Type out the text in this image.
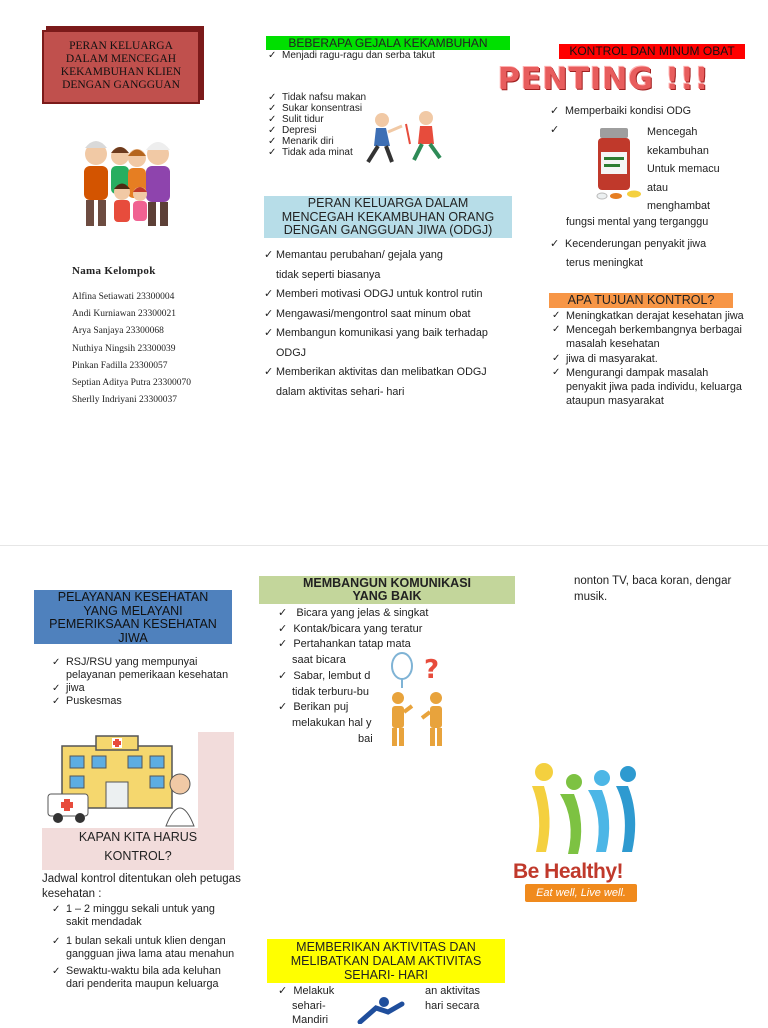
PERAN KELUARGA
DALAM MENCEGAH
KEKAMBUHAN KLIEN
DENGAN GANGGUAN
Nama Kelompok
Alfina Setiawati 23300004
Andi Kurniawan 23300021
Arya Sanjaya 23300068
Nuthiya Ningsih 23300039
Pinkan Fadilla 23300057
Septian Aditya Putra 23300070
Sherlly Indriyani 23300037
BEBERAPA GEJALA KEKAMBUHAN
✓ Menjadi ragu-ragu dan serba takut
✓ Tidak nafsu makan
✓ Sukar konsentrasi
✓ Sulit tidur
✓ Depresi
✓ Menarik diri
✓ Tidak ada minat
PERAN KELUARGA DALAM
MENCEGAH KEKAMBUHAN ORANG
DENGAN GANGGUAN JIWA (ODGJ)
✓ Memantau perubahan/ gejala yang
tidak seperti biasanya
✓ Memberi motivasi ODGJ untuk kontrol rutin
✓ Mengawasi/mengontrol saat minum obat
✓ Membangun komunikasi yang baik terhadap
ODGJ
✓ Memberikan aktivitas dan melibatkan ODGJ
dalam aktivitas sehari- hari
KONTROL DAN MINUM OBAT
PENTING !!!
✓  Memperbaiki kondisi ODG
✓	Mencegah
kekambuhan
Untuk memacu
atau
menghambat
fungsi mental yang terganggu
✓  Kecenderungan penyakit jiwa
terus meningkat
APA TUJUAN KONTROL?
✓ Meningkatkan derajat kesehatan jiwa
✓ Mencegah berkembangnya berbagai masalah kesehatan
✓ jiwa di masyarakat.
✓ Mengurangi dampak masalah penyakit jiwa pada individu, keluarga ataupun masyarakat
PELAYANAN KESEHATAN
YANG MELAYANI
PEMERIKSAAN KESEHATAN
JIWA
✓ RSJ/RSU yang mempunyai pelayanan pemerikaan kesehatan
✓ jiwa
✓ Puskesmas
KAPAN KITA HARUS
KONTROL?
Jadwal kontrol ditentukan oleh petugas kesehatan :
✓ 1 – 2 minggu sekali untuk yang sakit mendadak
✓ 1 bulan sekali untuk klien dengan gangguan jiwa lama atau menahun
✓ Sewaktu-waktu bila ada keluhan dari penderita maupun keluarga
MEMBANGUN KOMUNIKASI
YANG BAIK
✓   Bicara yang jelas & singkat
✓  Kontak/bicara yang teratur
✓  Pertahankan tatap mata
saat bicara
✓  Sabar, lembut d
tidak terburu-bu
✓  Berikan puj
melakukan hal y
bai
?
nonton TV, baca koran, dengar musik.
Be Healthy!
Eat well, Live well.
MEMBERIKAN AKTIVITAS DAN
MELIBATKAN DALAM AKTIVITAS
SEHARI- HARI
✓  Melakuk
sehari-
Mandiri
an aktivitas
hari secara
